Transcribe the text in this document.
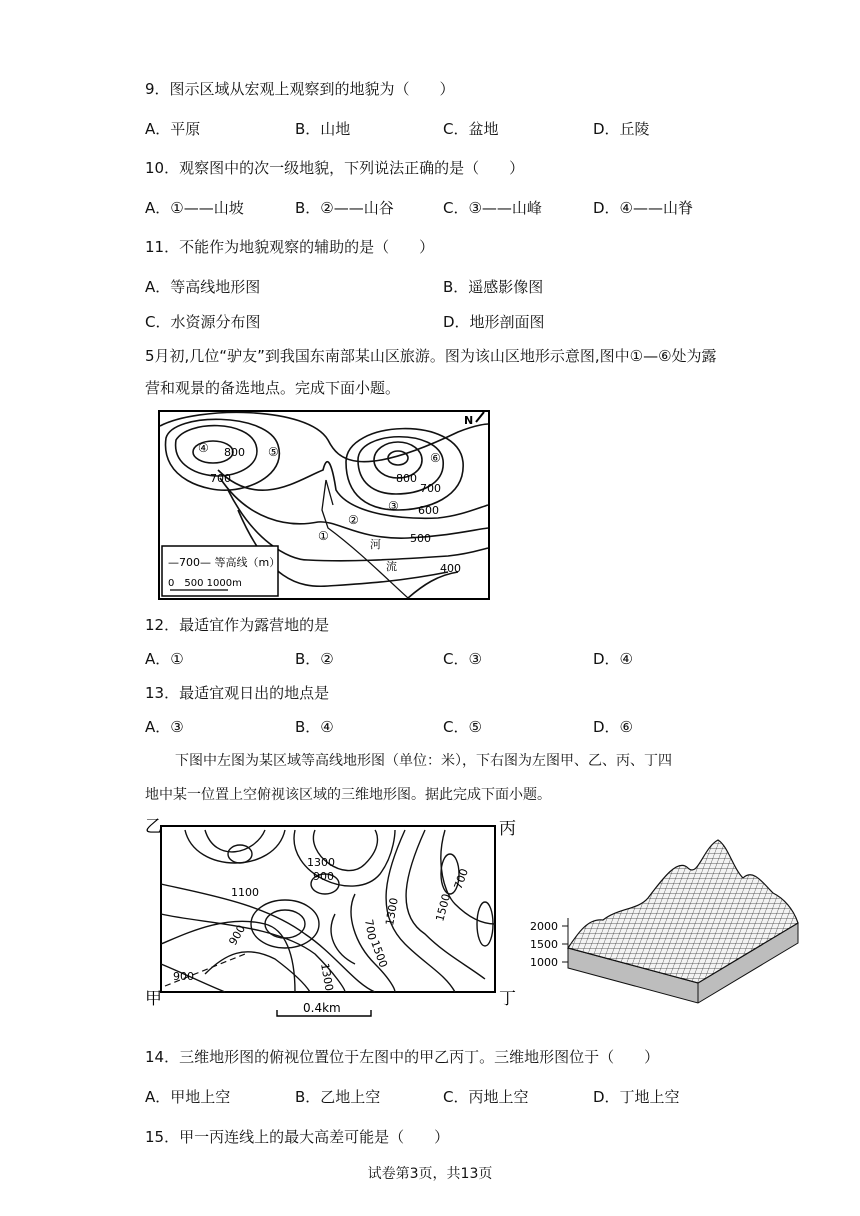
9．图示区域从宏观上观察到的地貌为（　　）
A．平原	B．山地	C．盆地	D．丘陵
10．观察图中的次一级地貌，下列说法正确的是（　　）
A．①——山坡	B．②——山谷	C．③——山峰	D．④——山脊
11．不能作为地貌观察的辅助的是（　　）
A．等高线地形图	B．遥感影像图
C．水资源分布图	D．地形剖面图
5月初,几位“驴友”到我国东南部某山区旅游。图为该山区地形示意图,图中①—⑥处为露
营和观景的备选地点。完成下面小题。
—700— 等高线（m）
0　500 1000m
N
800
700	800
700
600
500
400
河
流
①
②
③
④	⑤	⑥
12．最适宜作为露营地的是
A．①	B．②	C．③	D．④
13．最适宜观日出的地点是
A．③	B．④	C．⑤	D．⑥
下图中左图为某区域等高线地形图（单位：米），下右图为左图甲、乙、丙、丁四
地中某一位置上空俯视该区域的三维地形图。据此完成下面小题。
乙	丙
甲	丁
1300
900
1100
900	700
1300
1500
1300	1500
700
900
0.4km
2000
1500
1000
14．三维地形图的俯视位置位于左图中的甲乙丙丁。三维地形图位于（　　）
A．甲地上空	B．乙地上空	C．丙地上空	D．丁地上空
15．甲一丙连线上的最大高差可能是（　　）
试卷第3页，共13页
